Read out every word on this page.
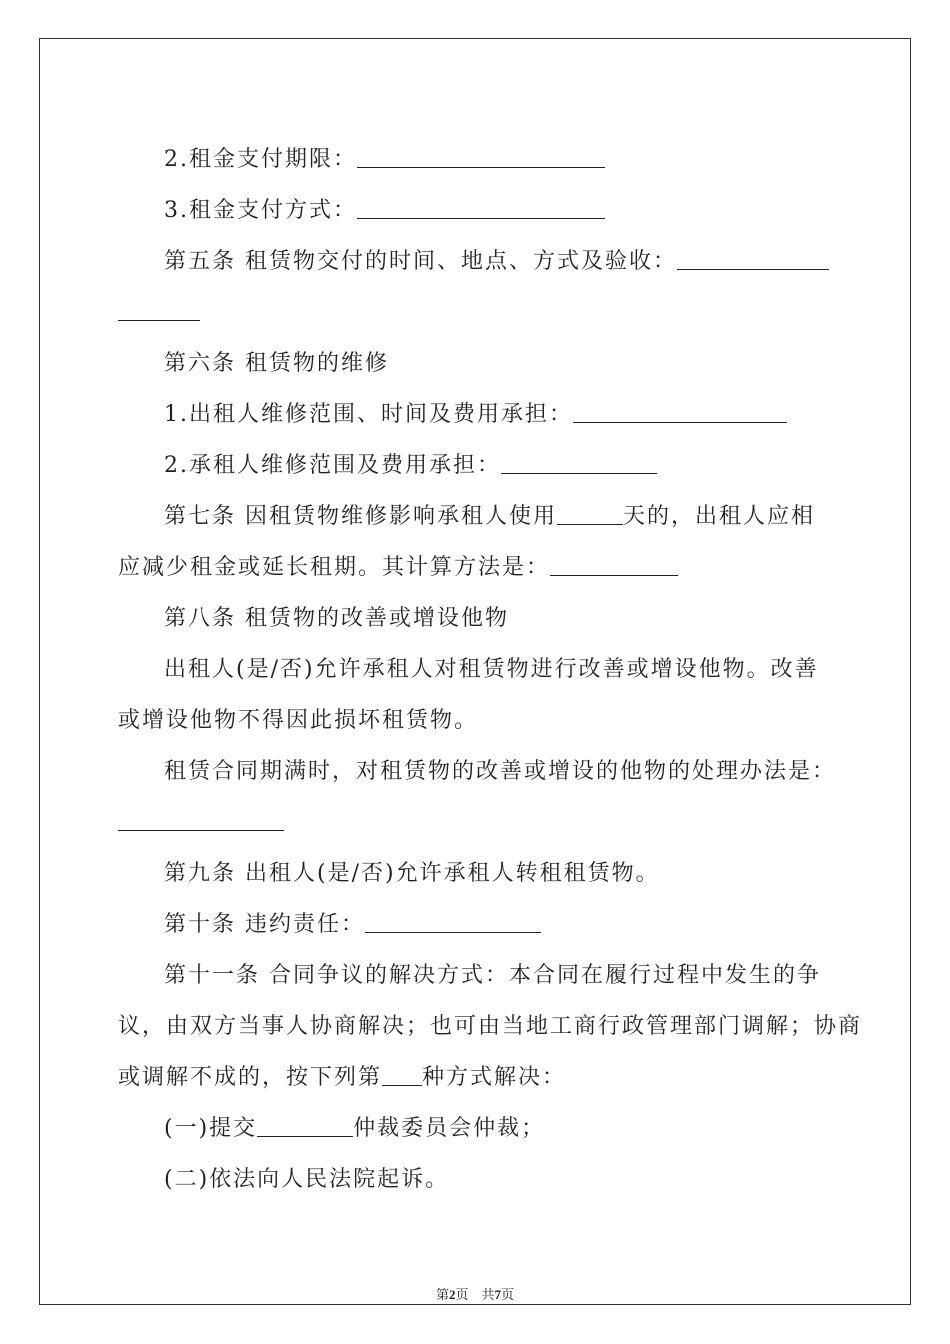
2.租金支付期限：
3.租金支付方式：
第五条 租赁物交付的时间、地点、方式及验收：
第六条 租赁物的维修
1.出租人维修范围、时间及费用承担：
2.承租人维修范围及费用承担：
第七条 因租赁物维修影响承租人使用	天的，出租人应相
应减少租金或延长租期。其计算方法是：
第八条 租赁物的改善或增设他物
出租人(是/否)允许承租人对租赁物进行改善或增设他物。改善
或增设他物不得因此损坏租赁物。
租赁合同期满时，对租赁物的改善或增设的他物的处理办法是：
第九条 出租人(是/否)允许承租人转租租赁物。
第十条 违约责任：
第十一条 合同争议的解决方式：本合同在履行过程中发生的争
议，由双方当事人协商解决；也可由当地工商行政管理部门调解；协商
或调解不成的，按下列第 种方式解决：
(一)提交	仲裁委员会仲裁；
(二)依法向人民法院起诉。
第2页    共7页
